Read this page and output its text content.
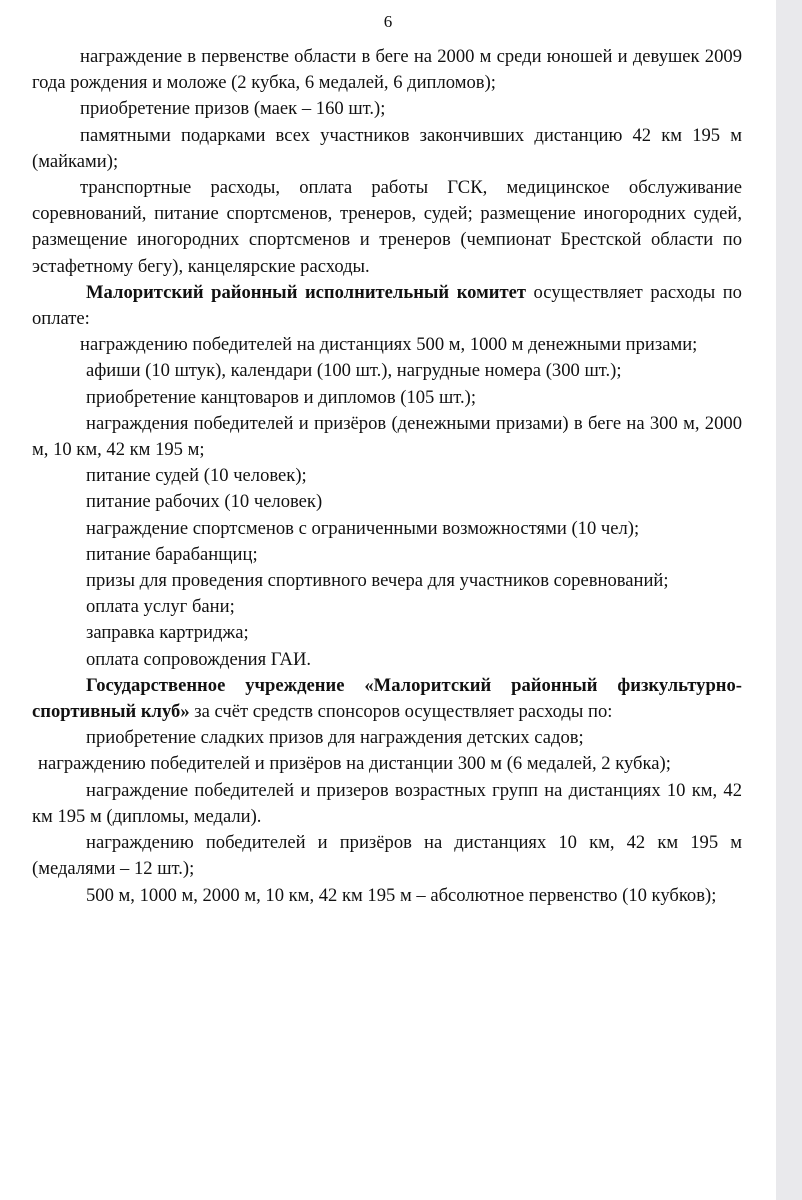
6

награждение в первенстве области в беге на 2000 м среди юношей и девушек 2009 года рождения и моложе (2 кубка, 6 медалей, 6 дипломов);

приобретение призов (маек – 160 шт.);

памятными подарками всех участников закончивших дистанцию 42 км 195 м (майками);

транспортные расходы, оплата работы ГСК, медицинское обслуживание соревнований, питание спортсменов, тренеров, судей; размещение иногородних судей, размещение иногородних спортсменов и тренеров (чемпионат Брестской области по эстафетному бегу), канцелярские расходы.

Малоритский районный исполнительный комитет осуществляет расходы по оплате:

награждению победителей на дистанциях 500 м, 1000 м денежными призами;

афиши (10 штук), календари (100 шт.), нагрудные номера (300 шт.);

приобретение канцтоваров и дипломов (105 шт.);

награждения победителей и призёров (денежными призами) в беге на 300 м, 2000 м, 10 км, 42 км 195 м;

питание судей (10 человек);

питание рабочих (10 человек)

награждение спортсменов с ограниченными возможностями (10 чел);

питание барабанщиц;

призы для проведения спортивного вечера для участников соревнований;

оплата услуг бани;

заправка картриджа;

оплата сопровождения ГАИ.

Государственное учреждение «Малоритский районный физкультурно-спортивный клуб» за счёт средств спонсоров осуществляет расходы по:

приобретение сладких призов для награждения детских садов;

награждению победителей и призёров на дистанции 300 м (6 медалей, 2 кубка);

награждение победителей и призеров возрастных групп на дистанциях 10 км, 42 км 195 м (дипломы, медали).

награждению победителей и призёров на дистанциях 10 км, 42 км 195 м (медалями – 12 шт.);

500 м, 1000 м, 2000 м, 10 км, 42 км 195 м – абсолютное первенство (10 кубков);
